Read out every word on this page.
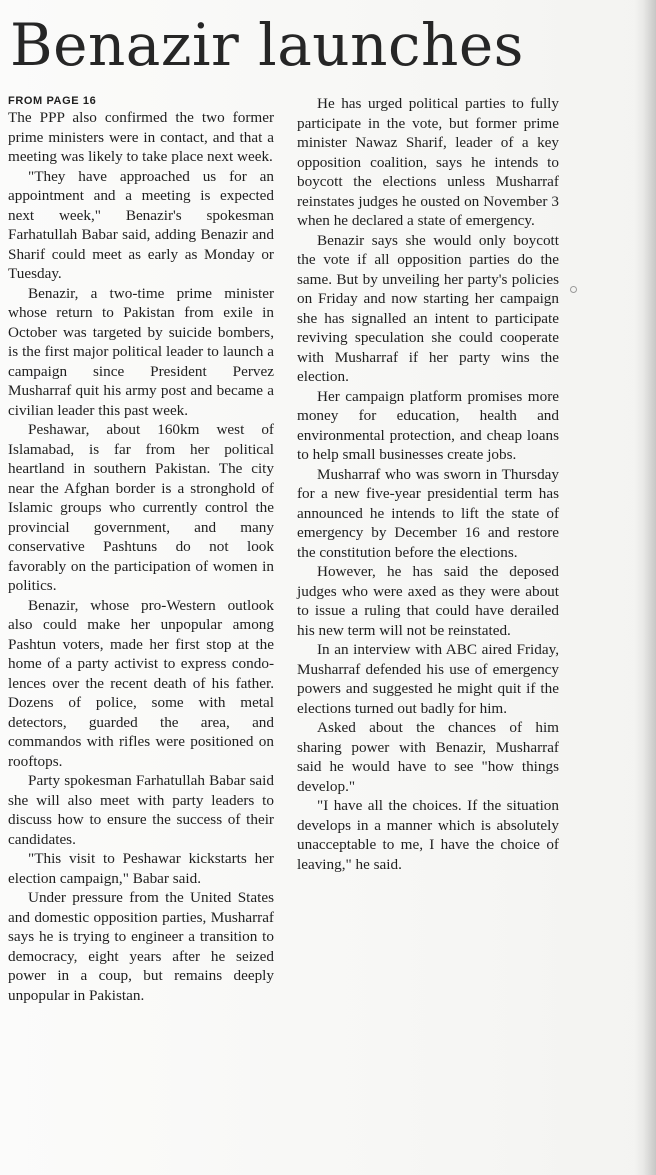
Benazir launches
FROM PAGE 16

The PPP also confirmed the two former prime ministers were in contact, and that a meeting was likely to take place next week.

"They have approached us for an appointment and a meeting is expected next week," Benazir's spokesman Farhatullah Babar said, adding Benazir and Sharif could meet as early as Monday or Tuesday.

Benazir, a two-time prime minister whose return to Pakistan from exile in October was targeted by suicide bombers, is the first major political leader to launch a campaign since President Pervez Musharraf quit his army post and became a civilian leader this past week.

Peshawar, about 160km west of Islamabad, is far from her political heartland in southern Pakistan. The city near the Afghan border is a stronghold of Islamic groups who currently control the provincial government, and many conservative Pashtuns do not look favorably on the participation of women in politics.

Benazir, whose pro-Western outlook also could make her unpopular among Pashtun voters, made her first stop at the home of a party activist to express condolences over the recent death of his father. Dozens of police, some with metal detectors, guarded the area, and commandos with rifles were positioned on rooftops.

Party spokesman Farhatullah Babar said she will also meet with party leaders to discuss how to ensure the success of their candidates.

"This visit to Peshawar kickstarts her election campaign," Babar said.

Under pressure from the United States and domestic opposition parties, Musharraf says he is trying to engineer a transition to democracy, eight years after he seized power in a coup, but remains deeply unpopular in Pakistan.

He has urged political parties to fully participate in the vote, but former prime minister Nawaz Sharif, leader of a key opposition coalition, says he intends to boycott the elections unless Musharraf reinstates judges he ousted on November 3 when he declared a state of emergency.

Benazir says she would only boycott the vote if all opposition parties do the same. But by unveiling her party's policies on Friday and now starting her campaign she has signalled an intent to participate reviving speculation she could cooperate with Musharraf if her party wins the election.

Her campaign platform promises more money for education, health and environmental protection, and cheap loans to help small businesses create jobs.

Musharraf who was sworn in Thursday for a new five-year presidential term has announced he intends to lift the state of emergency by December 16 and restore the constitution before the elections.

However, he has said the deposed judges who were axed as they were about to issue a ruling that could have derailed his new term will not be reinstated.

In an interview with ABC aired Friday, Musharraf defended his use of emergency powers and suggested he might quit if the elections turned out badly for him.

Asked about the chances of him sharing power with Benazir, Musharraf said he would have to see "how things develop."

"I have all the choices. If the situation develops in a manner which is absolutely unacceptable to me, I have the choice of leaving," he said.
